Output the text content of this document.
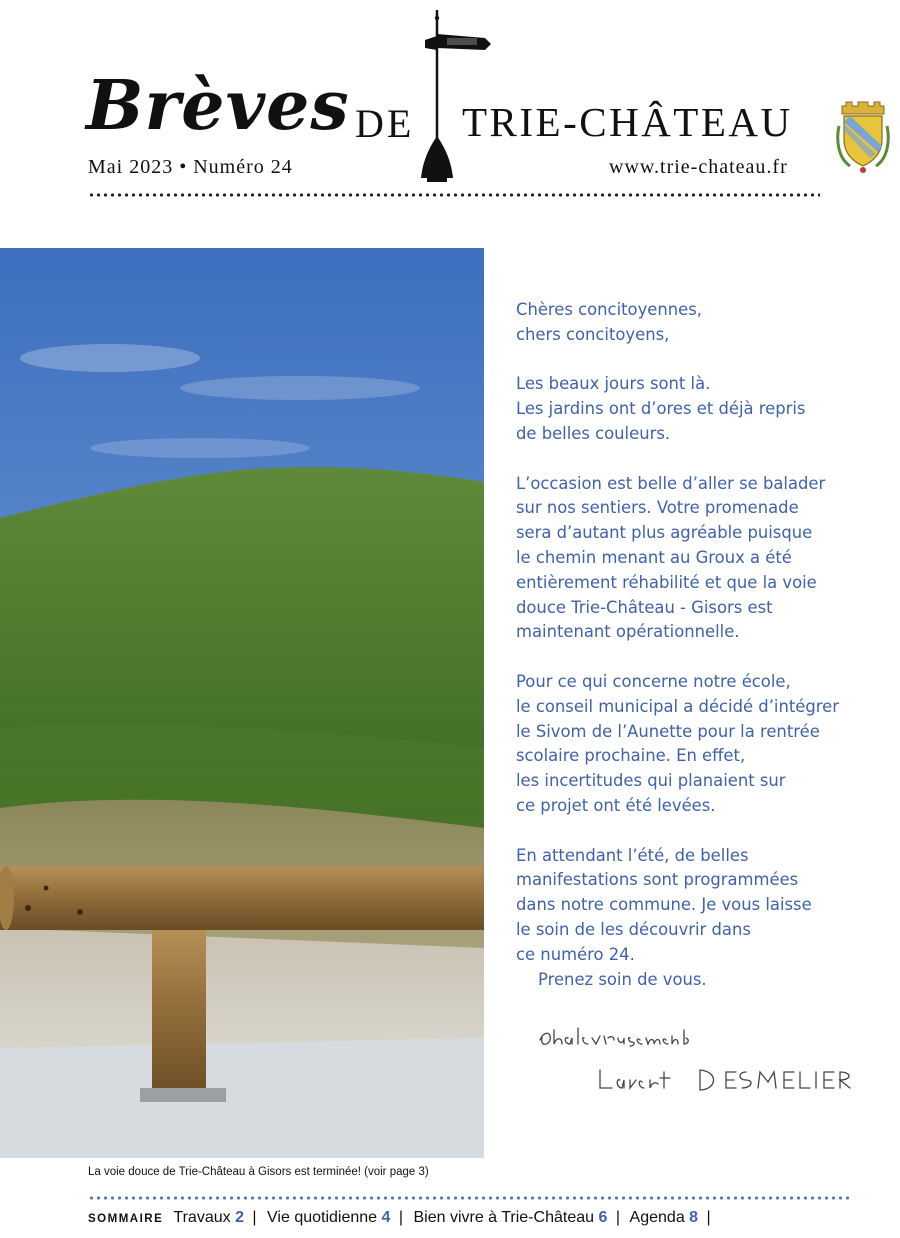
Brèves DE TRIE-CHÂTEAU
Mai 2023 • Numéro 24	www.trie-chateau.fr
La voie douce de Trie-Château à Gisors est terminée! (voir page 3)

Chères concitoyennes,
chers concitoyens,

Les beaux jours sont là.
Les jardins ont d’ores et déjà repris
de belles couleurs.

L’occasion est belle d’aller se balader
sur nos sentiers. Votre promenade
sera d’autant plus agréable puisque
le chemin menant au Groux a été
entièrement réhabilité et que la voie
douce Trie-Château - Gisors est
maintenant opérationnelle.

Pour ce qui concerne notre école,
le conseil municipal a décidé d’intégrer
le Sivom de l’Aunette pour la rentrée
scolaire prochaine. En effet,
les incertitudes qui planaient sur
ce projet ont été levées.

En attendant l’été, de belles
manifestations sont programmées
dans notre commune. Je vous laisse
le soin de les découvrir dans
ce numéro 24.

Prenez soin de vous.

SOMMAIRE Travaux 2 | Vie quotidienne 4 | Bien vivre à Trie-Château 6 | Agenda 8 |
